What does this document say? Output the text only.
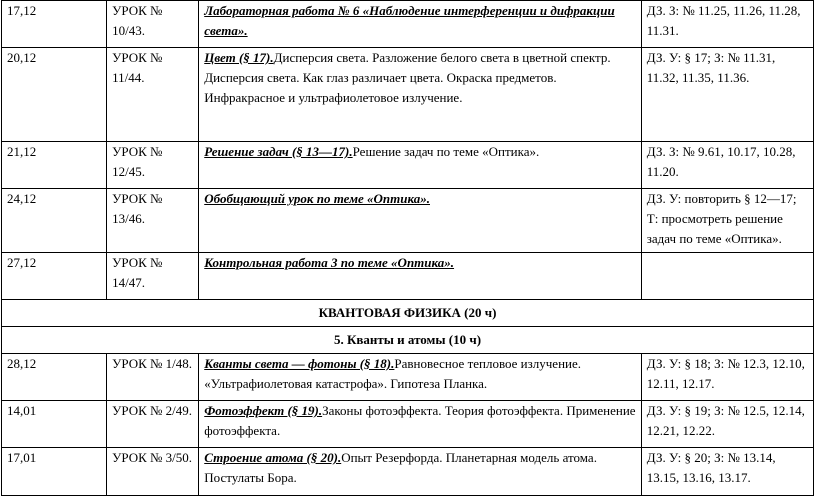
17,12	УРОК № 10/43.	Лабораторная работа № 6 «Наблюдение интерференции и дифракции света».	ДЗ. З: № 11.25, 11.26, 11.28, 11.31.
20,12	УРОК № 11/44.	Цвет (§ 17).Дисперсия света. Разложение белого света в цветной спектр. Дисперсия света. Как глаз различает цвета. Окраска предметов. Инфракрасное и ультрафиолетовое излучение.	ДЗ. У: § 17; З: № 11.31, 11.32, 11.35, 11.36.
21,12	УРОК № 12/45.	Решение задач (§ 13—17).Решение задач по теме «Оптика».	ДЗ. З: № 9.61, 10.17, 10.28, 11.20.
24,12	УРОК № 13/46.	Обобщающий урок по теме «Оптика».	ДЗ. У: повторить § 12—17; Т: просмотреть решение задач по теме «Оптика».
27,12	УРОК № 14/47.	Контрольная работа 3 по теме «Оптика».	
КВАНТОВАЯ ФИЗИКА (20 ч)			
5. Кванты и атомы (10 ч)			
28,12	УРОК № 1/48.	Кванты света — фотоны (§ 18).Равновесное тепловое излучение. «Ультрафиолетовая катастрофа». Гипотеза Планка.	ДЗ. У: § 18; З: № 12.3, 12.10, 12.11, 12.17.
14,01	УРОК № 2/49.	Фотоэффект (§ 19).Законы фотоэффекта. Теория фотоэффекта. Применение фотоэффекта.	ДЗ. У: § 19; З: № 12.5, 12.14, 12.21, 12.22.
17,01	УРОК № 3/50.	Строение атома (§ 20).Опыт Резерфорда. Планетарная модель атома. Постулаты Бора.	ДЗ. У: § 20; З: № 13.14, 13.15, 13.16, 13.17.
